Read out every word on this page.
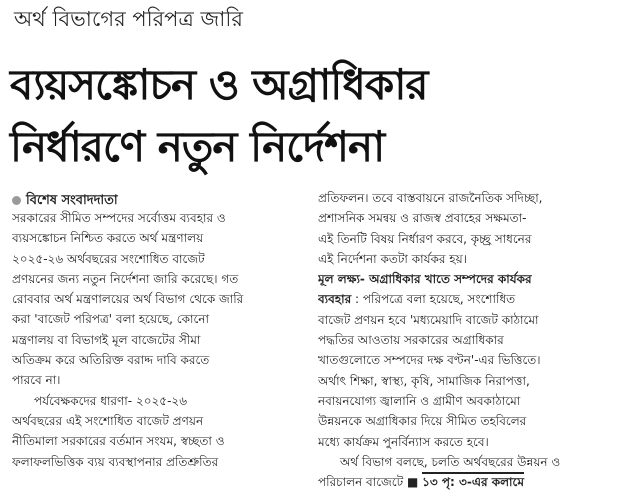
অর্থ বিভাগের পরিপত্র জারি
ব্যয়সঙ্কোচন ও অগ্রাধিকার
নির্ধারণে নতুন নির্দেশনা
বিশেষ সংবাদদাতা
সরকারের সীমিত সম্পদের সর্বোত্তম ব্যবহার ও
ব্যয়সঙ্কোচন নিশ্চিত করতে অর্থ মন্ত্রণালয়
২০২৫-২৬ অর্থবছরের সংশোধিত বাজেট
প্রণয়নের জন্য নতুন নির্দেশনা জারি করেছে। গত
রোববার অর্থ মন্ত্রণালয়ের অর্থ বিভাগ থেকে জারি
করা 'বাজেট পরিপত্র' বলা হয়েছে, কোনো
মন্ত্রণালয় বা বিভাগই মূল বাজেটের সীমা
অতিক্রম করে অতিরিক্ত বরাদ্দ দাবি করতে
পারবে না।
পর্যবেক্ষকদের ধারণা- ২০২৫-২৬
অর্থবছরের এই সংশোধিত বাজেট প্রণয়ন
নীতিমালা সরকারের বর্তমান সংযম, স্বচ্ছতা ও
ফলাফলভিত্তিক ব্যয় ব্যবস্থাপনার প্রতিশ্রুতির
প্রতিফলন। তবে বাস্তবায়নে রাজনৈতিক সদিচ্ছা,
প্রশাসনিক সমন্বয় ও রাজস্ব প্রবাহের সক্ষমতা-
এই তিনটি বিষয় নির্ধারণ করবে, কৃচ্ছ্র সাধনের
এই নির্দেশনা কতটা কার্যকর হয়।
মূল লক্ষ্য- অগ্রাধিকার খাতে সম্পদের কার্যকর
ব্যবহার : পরিপত্রে বলা হয়েছে, সংশোধিত
বাজেট প্রণয়ন হবে 'মধ্যমেয়াদি বাজেট কাঠামো
পদ্ধতির আওতায় সরকারের অগ্রাধিকার
খাতগুলোতে সম্পদের দক্ষ বণ্টন'-এর ভিত্তিতে।
অর্থাৎ শিক্ষা, স্বাস্থ্য, কৃষি, সামাজিক নিরাপত্তা,
নবায়নযোগ্য জ্বালানি ও গ্রামীণ অবকাঠামো
উন্নয়নকে অগ্রাধিকার দিয়ে সীমিত তহবিলের
মধ্যে কার্যক্রম পুনর্বিন্যাস করতে হবে।
অর্থ বিভাগ বলছে, চলতি অর্থবছরের উন্নয়ন ও
পরিচালন বাজেটে ■ ১৩ পৃ: ৩-এর কলামে
